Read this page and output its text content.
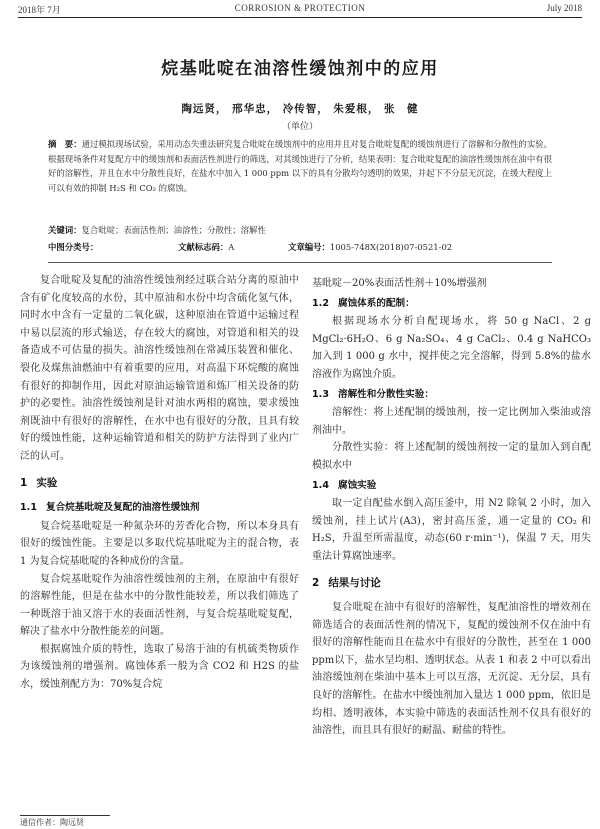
2018年 7月	CORROSION & PROTECTION	July 2018
烷基吡啶在油溶性缓蚀剂中的应用
陶远贤， 邢华忠， 冷传智， 朱爱根， 张　健
（单位）
摘　要：通过模拟现场试验，采用动态失重法研究复合吡啶在缓蚀剂中的应用并且对复合吡啶复配的缓蚀剂进行了溶解和分散性的实验。根据现场条件对复配方中的缓蚀剂和表面活性剂进行的筛选，对其缓蚀进行了分析，结果表明：复合吡啶复配的油溶性缓蚀剂在油中有很好的溶解性，并且在水中分散性良好，在盐水中加入 1 000 ppm 以下的具有分散均匀透明的效果，并起下不分层无沉淀，在缓大程度上可以有效的抑制 H₂S 和 CO₂ 的腐蚀。
关键词：复合吡啶；表面活性剂；油溶性；分散性；溶解性
中图分类号：	文献标志码：A	文章编号：1005-748X(2018)07-0521-02

复合吡啶及复配的油溶性缓蚀剂经过联合站分离的原油中含有矿化度较高的水份，其中原油和水份中均含硫化氢气体，同时水中含有一定量的二氧化碳，这种原油在管道中运输过程中易以层流的形式输送，存在较大的腐蚀，对管道和相关的设备造成不可估量的损失。油溶性缓蚀剂在常减压装置和催化、裂化及煤焦油燃油中有着重要的应用，对高温下环烷酸的腐蚀有很好的抑制作用，因此对原油运输管道和炼厂相关设备的防护的必要性。油溶性缓蚀剂是针对油水两相的腐蚀，要求缓蚀剂既油中有很好的溶解性，在水中也有很好的分散，且具有较好的缓蚀性能，这种运输管道和相关的防护方法得到了业内广泛的认可。

1 实验
1.1 复合烷基吡啶及复配的油溶性缓蚀剂

复合烷基吡啶是一种氮杂环的芳香化合物，所以本身具有很好的缓蚀性能。主要是以多取代烷基吡啶为主的混合物，表 1 为复合烷基吡啶的各种成份的含量。

复合烷基吡啶作为油溶性缓蚀剂的主剂，在原油中有很好的溶解性能，但是在盐水中的分散性能较差，所以我们筛选了一种既溶于油又溶于水的表面活性剂，与复合烷基吡啶复配，解决了盐水中分散性能差的问题。

根据腐蚀介质的特性，选取了易溶于油的有机硫类物质作为该缓蚀剂的增强剂。腐蚀体系一般为含 CO2 和 H2S 的盐水，缓蚀剂配方为：70%复合烷

基吡啶－20%表面活性剂＋10%增强剂

1.2 腐蚀体系的配制：

根据现场水分析自配现场水，将 50 g NaCl、2 g MgCl₂·6H₂O、6 g Na₂SO₄、4 g CaCl₂、0.4 g NaHCO₃ 加入到 1 000 g 水中，搅拌使之完全溶解，得到 5.8%的盐水溶液作为腐蚀介质。

1.3 溶解性和分散性实验：

溶解性：将上述配制的缓蚀剂，按一定比例加入柴油或溶剂油中。

分散性实验：将上述配制的缓蚀剂按一定的量加入到自配模拟水中

1.4 腐蚀实验

取一定自配盐水倒入高压釜中，用 N2 除氧 2 小时，加入缓蚀剂，挂上试片(A3)，密封高压釜，通一定量的 CO₂ 和 H₂S，升温至所需温度，动态(60 r·min⁻¹)，保温 7 天，用失重法计算腐蚀速率。

2 结果与讨论

复合吡啶在油中有很好的溶解性，复配油溶性的增效剂在筛选适合的表面活性剂的情况下，复配的缓蚀剂不仅在油中有很好的溶解性能而且在盐水中有很好的分散性，甚至在 1 000 ppm以下，盐水呈均相、透明状态。从表 1 和表 2 中可以看出油溶缓蚀剂在柴油中基本上可以互溶，无沉淀、无分层，具有良好的溶解性。在盐水中缓蚀剂加入量达 1 000 ppm，依旧是均相、透明液体，本实验中筛选的表面活性剂不仅具有很好的油溶性，而且具有很好的耐温、耐盐的特性。

通信作者：陶远贤
